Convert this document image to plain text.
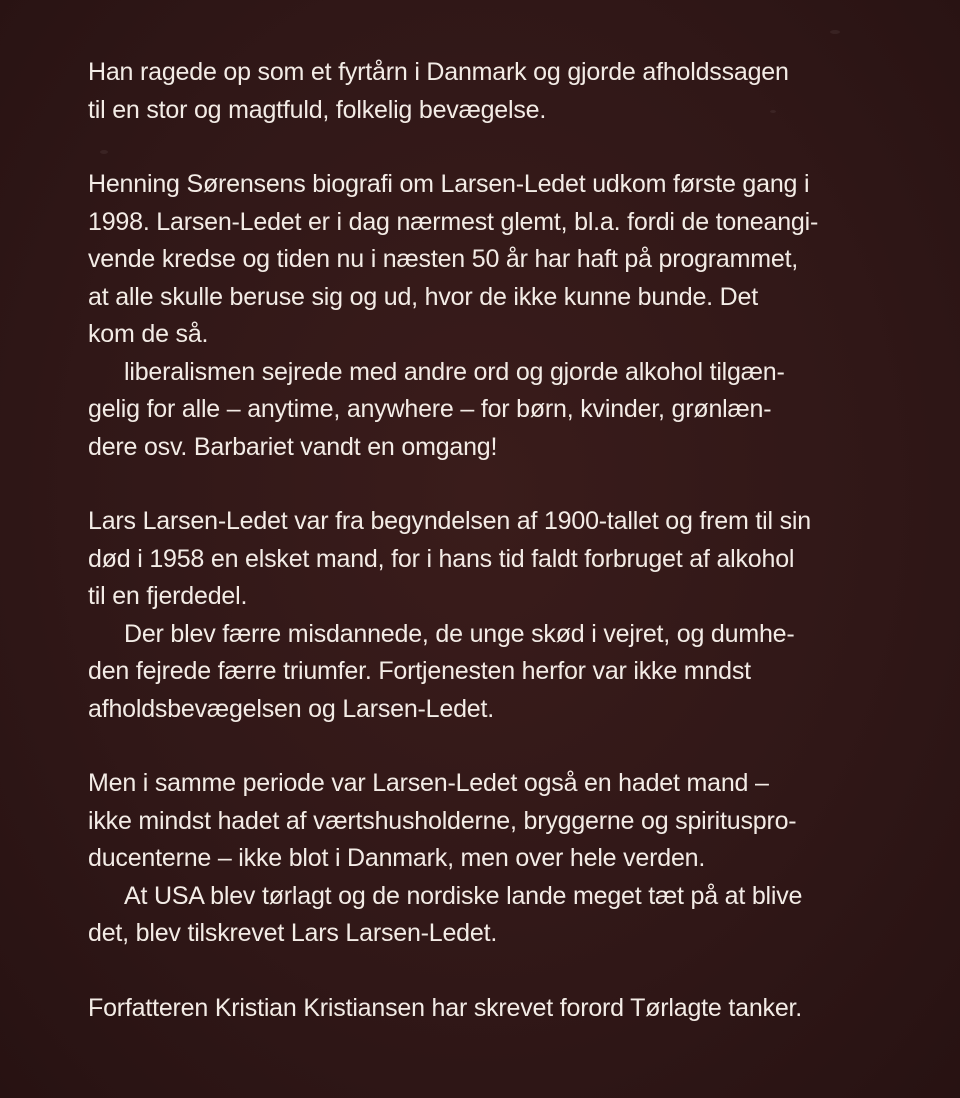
Han ragede op som et fyrtårn i Danmark og gjorde afholdssagen
til en stor og magtfuld, folkelig bevægelse.
Henning Sørensens biografi om Larsen-Ledet udkom første gang i
1998. Larsen-Ledet er i dag nærmest glemt, bl.a. fordi de toneangi-
vende kredse og tiden nu i næsten 50 år har haft på programmet,
at alle skulle beruse sig og ud, hvor de ikke kunne bunde. Det
kom de så.
liberalismen sejrede med andre ord og gjorde alkohol tilgæn-
gelig for alle – anytime, anywhere – for børn, kvinder, grønlæn-
dere osv. Barbariet vandt en omgang!
Lars Larsen-Ledet var fra begyndelsen af 1900-tallet og frem til sin
død i 1958 en elsket mand, for i hans tid faldt forbruget af alkohol
til en fjerdedel.
Der blev færre misdannede, de unge skød i vejret, og dumhe-
den fejrede færre triumfer. Fortjenesten herfor var ikke mndst
afholdsbevægelsen og Larsen-Ledet.
Men i samme periode var Larsen-Ledet også en hadet mand –
ikke mindst hadet af værtshusholderne, bryggerne og spirituspro-
ducenterne – ikke blot i Danmark, men over hele verden.
At USA blev tørlagt og de nordiske lande meget tæt på at blive
det, blev tilskrevet Lars Larsen-Ledet.
Forfatteren Kristian Kristiansen har skrevet forord Tørlagte tanker.
